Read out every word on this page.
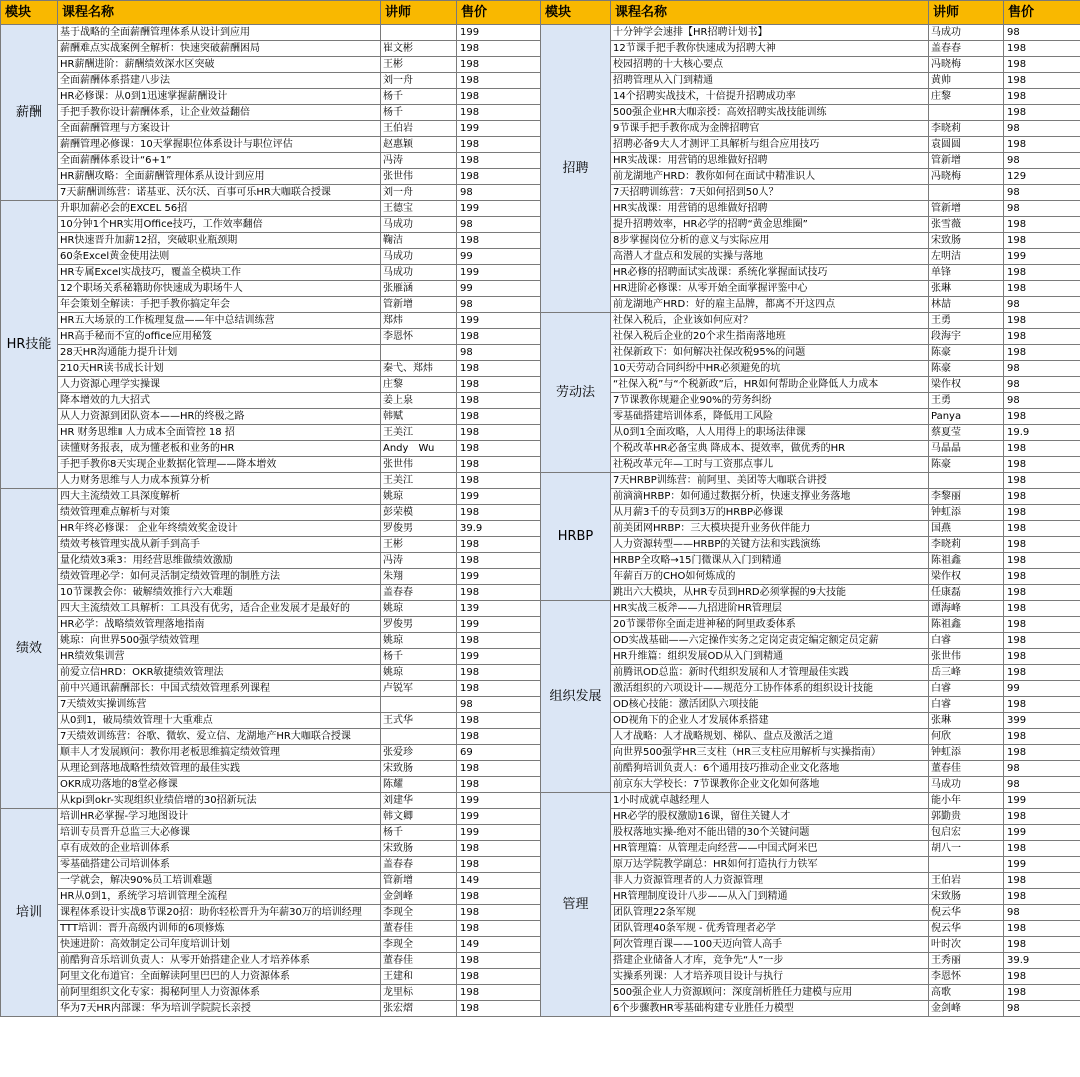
模块	课程名称	讲师	售价
薪酬	基于战略的全面薪酬管理体系从设计到应用		199
	薪酬难点实战案例全解析：快速突破薪酬困局	崔文彬	198
	HR薪酬进阶：薪酬绩效深水区突破	王彬	198
	全面薪酬体系搭建八步法	刘一舟	198
	HR必修课：从0到1迅速掌握薪酬设计	杨千	198
	手把手教你设计薪酬体系，让企业效益翻倍	杨千	198
	全面薪酬管理与方案设计	王伯岩	199
	薪酬管理必修课：10天掌握职位体系设计与职位评估	赵惠颖	198
	全面薪酬体系设计“6+1”	冯涛	198
	HR薪酬攻略：全面薪酬管理体系从设计到应用	张世伟	198
	7天薪酬训练营：诺基亚、沃尔沃、百事可乐HR大咖联合授课	刘一舟	98
HR技能	升职加薪必会的EXCEL 56招	王德宝	199
	10分钟1个HR实用Office技巧，工作效率翻倍	马成功	98
	HR快速晋升加薪12招，突破职业瓶颈期	鞠洁	198
	60条Excel黄金使用法则	马成功	99
	HR专属Excel实战技巧，覆盖全模块工作	马成功	199
	12个职场关系秘籍助你快速成为职场牛人	张雁涵	99
	年会策划全解读：手把手教你搞定年会	管新增	98
	HR五大场景的工作梳理复盘——年中总结训练营	郑炜	199
	HR高手秘而不宣的office应用秘笈	李恩怀	198
	28天HR沟通能力提升计划		98
	210天HR读书成长计划	秦弋、郑炜	198
	人力资源心理学实操课	庄黎	198
	降本增效的九大招式	姜上泉	198
	从人力资源到团队资本——HR的终极之路	韩赋	198
	HR 财务思维Ⅱ 人力成本全面管控 18 招	王美江	198
	读懂财务报表，成为懂老板和业务的HR	Andy　Wu	198
	手把手教你8天实现企业数据化管理——降本增效	张世伟	198
	人力财务思维与人力成本预算分析	王美江	198
绩效	四大主流绩效工具深度解析	姚琼	199
	绩效管理难点解析与对策	彭荣模	198
	HR年终必修课： 企业年终绩效奖金设计	罗俊男	39.9
	绩效考核管理实战从新手到高手	王彬	198
	量化绩效3乘3：用经营思维做绩效激励	冯涛	198
	绩效管理必学：如何灵活制定绩效管理的制胜方法	朱翔	199
	10节课教会你：破解绩效推行六大难题	盖春春	198
	四大主流绩效工具解析：工具没有优劣，适合企业发展才是最好的	姚琼	139
	HR必学：战略绩效管理落地指南	罗俊男	199
	姚琼：向世界500强学绩效管理	姚琼	198
	HR绩效集训营	杨千	199
	前爱立信HRD：OKR敏捷绩效管理法	姚琼	198
	前中兴通讯薪酬部长：中国式绩效管理系列课程	卢锐军	198
	7天绩效实操训练营		98
	从0到1，破局绩效管理十大重难点	王式华	198
	7天绩效训练营：谷歌、微软、爱立信、龙湖地产HR大咖联合授课		198
	顺丰人才发展顾问：教你用老板思维搞定绩效管理	张爱珍	69
	从理论到落地战略性绩效管理的最佳实践	宋致肠	198
	OKR成功落地的8堂必修课	陈耀	198
	从kpi到okr-实现组织业绩倍增的30招新玩法	刘建华	199
培训	培训HR必掌握-学习地图设计	韩文卿	199
	培训专员晋升总监三大必修课	杨千	199
	卓有成效的企业培训体系	宋致肠	198
	零基础搭建公司培训体系	盖春春	198
	一学就会，解决90%员工培训难题	管新增	149
	HR从0到1，系统学习培训管理全流程	金剑峰	198
	课程体系设计实战8节课20招：助你轻松晋升为年薪30万的培训经理	李现全	198
	TTT培训：晋升高级内训师的6项修炼	董春佳	198
	快速进阶：高效制定公司年度培训计划	李现全	149
	前酷狗音乐培训负责人：从零开始搭建企业人才培养体系	董春佳	198
	阿里文化布道官：全面解读阿里巴巴的人力资源体系	王建和	198
	前阿里组织文化专家：揭秘阿里人力资源体系	龙里标	198
	华为7天HR内部课：华为培训学院院长亲授	张宏熠	198
模块	课程名称	讲师	售价
招聘	十分钟学会速排【HR招聘计划书】	马成功	98
	12节课手把手教你快速成为招聘大神	盖春春	198
	校园招聘的十大核心要点	冯晓梅	198
	招聘管理从入门到精通	黄帅	198
	14个招聘实战技术，十倍提升招聘成功率	庄黎	198
	500强企业HR大咖亲授：高效招聘实战技能训练		198
	9节课手把手教你成为金牌招聘官	李晓莉	98
	招聘必备9大人才测评工具解析与组合应用技巧	袁圆圆	198
	HR实战课：用营销的思维做好招聘	管新增	98
	前龙湖地产HRD：教你如何在面试中精准识人	冯晓梅	129
	7天招聘训练营：7天如何招到50人？		98
	HR实战课：用营销的思维做好招聘	管新增	98
	提升招聘效率，HR必学的招聘“黄金思维圈”	张雪薇	198
	8步掌握岗位分析的意义与实际应用	宋致肠	198
	高潜人才盘点和发展的实操与落地	左明洁	199
	HR必修的招聘面试实战课：系统化掌握面试技巧	单锋	198
	HR进阶必修课：从零开始全面掌握评鉴中心	张琳	198
	前龙湖地产HRD：好的雇主品牌，都离不开这四点	林喆	98
劳动法	社保入税后，企业该如何应对？	王勇	198
	社保入税后企业的20个求生指南落地班	段海宇	198
	社保新政下：如何解决社保改税95%的问题	陈豪	198
	10天劳动合同纠纷中HR必须避免的坑	陈豪	98
	“社保入税”与“个税新政”后，HR如何帮助企业降低人力成本	梁作权	98
	7节课教你规避企业90%的劳务纠纷	王勇	98
	零基础搭建培训体系，降低用工风险	Panya	198
	从0到1全面攻略，人人用得上的职场法律课	蔡夏莹	19.9
	个税改革HR必备宝典 降成本、提效率，做优秀的HR	马晶晶	198
	社税改革元年—工时与工资那点事儿	陈豪	198
HRBP	7天HRBP训练营：前阿里、美团等大咖联合讲授		198
	前滴滴HRBP：如何通过数据分析，快速支撑业务落地	李黎丽	198
	从月薪3千的专员到3万的HRBP必修课	钟虹添	198
	前美团网HRBP：三大模块提升业务伙伴能力	国燕	198
	人力资源转型——HRBP的关键方法和实践演练	李晓莉	198
	HRBP全攻略→15门微课从入门到精通	陈祖鑫	198
	年薪百万的CHO如何炼成的	梁作权	198
	跳出六大模块，从HR专员到HRD必须掌握的9大技能	任康磊	198
组织发展	HR实战三板斧——九招进阶HR管理层	谭海峰	198
	20节课带你全面走进神秘的阿里政委体系	陈祖鑫	198
	OD实战基础——六定操作实务之定岗定责定编定额定员定薪	白睿	198
	HR升维篇：组织发展OD从入门到精通	张世伟	198
	前腾讯OD总监：新时代组织发展和人才管理最佳实践	岳三峰	198
	激活组织的六项设计——规范分工协作体系的组织设计技能	白睿	99
	OD核心技能：激活团队六项技能	白睿	198
	OD视角下的企业人才发展体系搭建	张琳	399
	人才战略：人才战略规划、梯队、盘点及激活之道	何欣	198
	向世界500强学HR三支柱（HR三支柱应用解析与实操指南）	钟虹添	198
	前酷狗培训负责人：6个通用技巧推动企业文化落地	董春佳	98
	前京东大学校长：7节课教你企业文化如何落地	马成功	98
管理	1小时成就卓越经理人	能小年	199
	HR必学的股权激励16课，留住关键人才	郭勤贵	198
	股权落地实操-绝对不能出错的30个关键问题	包启宏	199
	HR管理篇：从管理走向经营——中国式阿米巴	胡八一	198
	原万达学院教学副总：HR如何打造执行力铁军		199
	非人力资源管理者的人力资源管理	王伯岩	198
	HR管理制度设计八步——从入门到精通	宋致肠	198
	团队管理22条军规	倪云华	98
	团队管理40条军规 - 优秀管理者必学	倪云华	198
	阿次管理百课——100天迈向管人高手	叶时次	198
	搭建企业储备人才库，竞争先“人”一步	王秀丽	39.9
	实操系列课：人才培养项目设计与执行	李恩怀	198
	500强企业人力资源顾问：深度剖析胜任力建模与应用	高歌	198
	6个步骤教HR零基础构建专业胜任力模型	金剑峰	98
